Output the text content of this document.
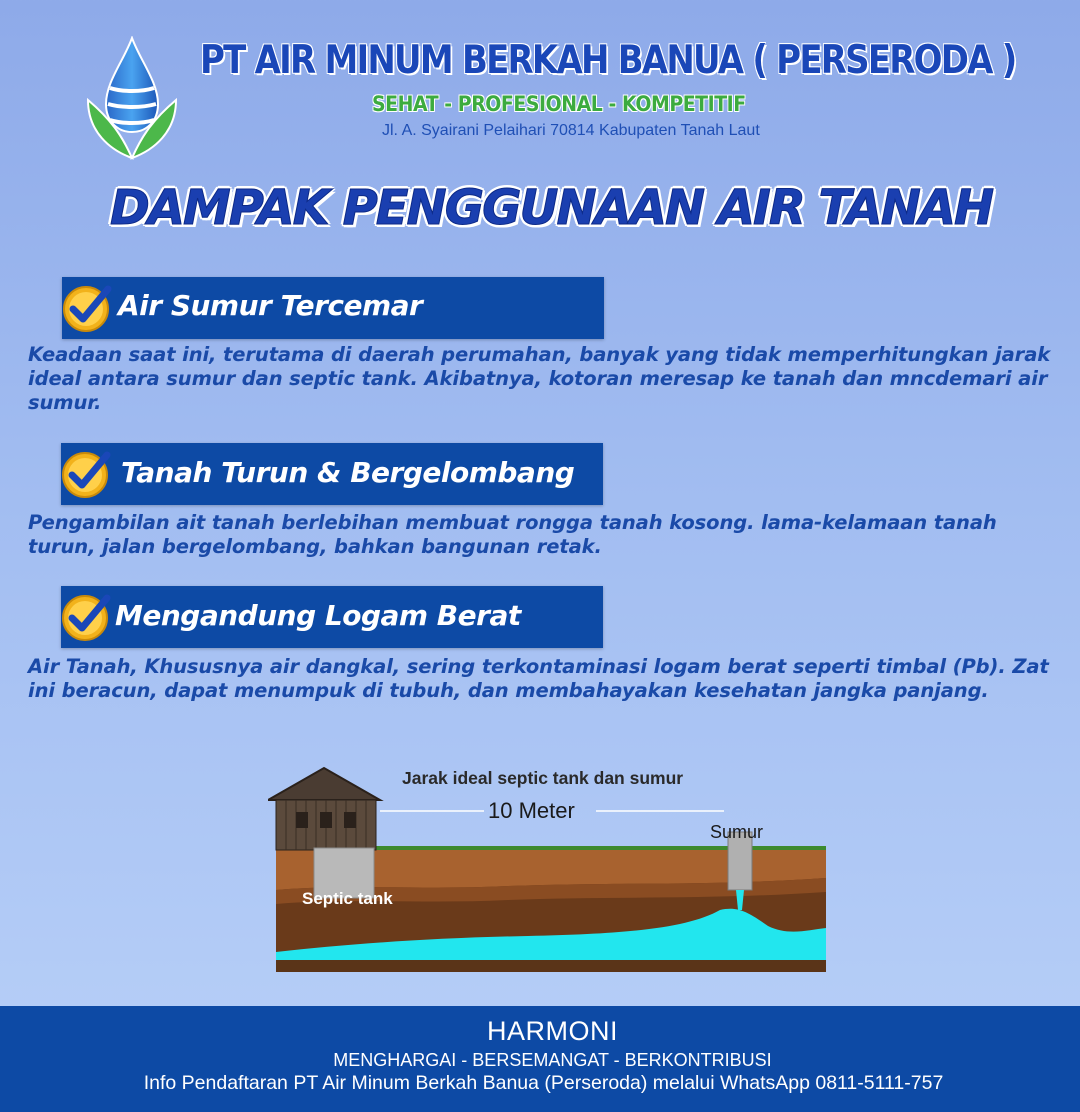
PT AIR MINUM BERKAH BANUA ( PERSERODA )
SEHAT - PROFESIONAL - KOMPETITIF
Jl. A. Syairani Pelaihari 70814 Kabupaten Tanah Laut
DAMPAK PENGGUNAAN AIR TANAH
Air Sumur Tercemar
Keadaan saat ini, terutama di daerah perumahan, banyak yang tidak memperhitungkan jarak ideal antara sumur dan septic tank. Akibatnya, kotoran meresap ke tanah dan mncdemari air sumur.
Tanah Turun & Bergelombang
Pengambilan ait tanah berlebihan membuat rongga tanah kosong. lama-kelamaan tanah turun, jalan bergelombang, bahkan bangunan retak.
Mengandung Logam Berat
Air Tanah, Khususnya air dangkal, sering terkontaminasi logam berat seperti timbal (Pb). Zat ini beracun, dapat menumpuk di tubuh, dan membahayakan kesehatan jangka panjang.
Jarak ideal septic tank dan sumur
10 Meter
Sumur
Septic tank
HARMONI
MENGHARGAI - BERSEMANGAT - BERKONTRIBUSI
Info Pendaftaran PT Air Minum Berkah Banua (Perseroda) melalui WhatsApp 0811-5111-757
